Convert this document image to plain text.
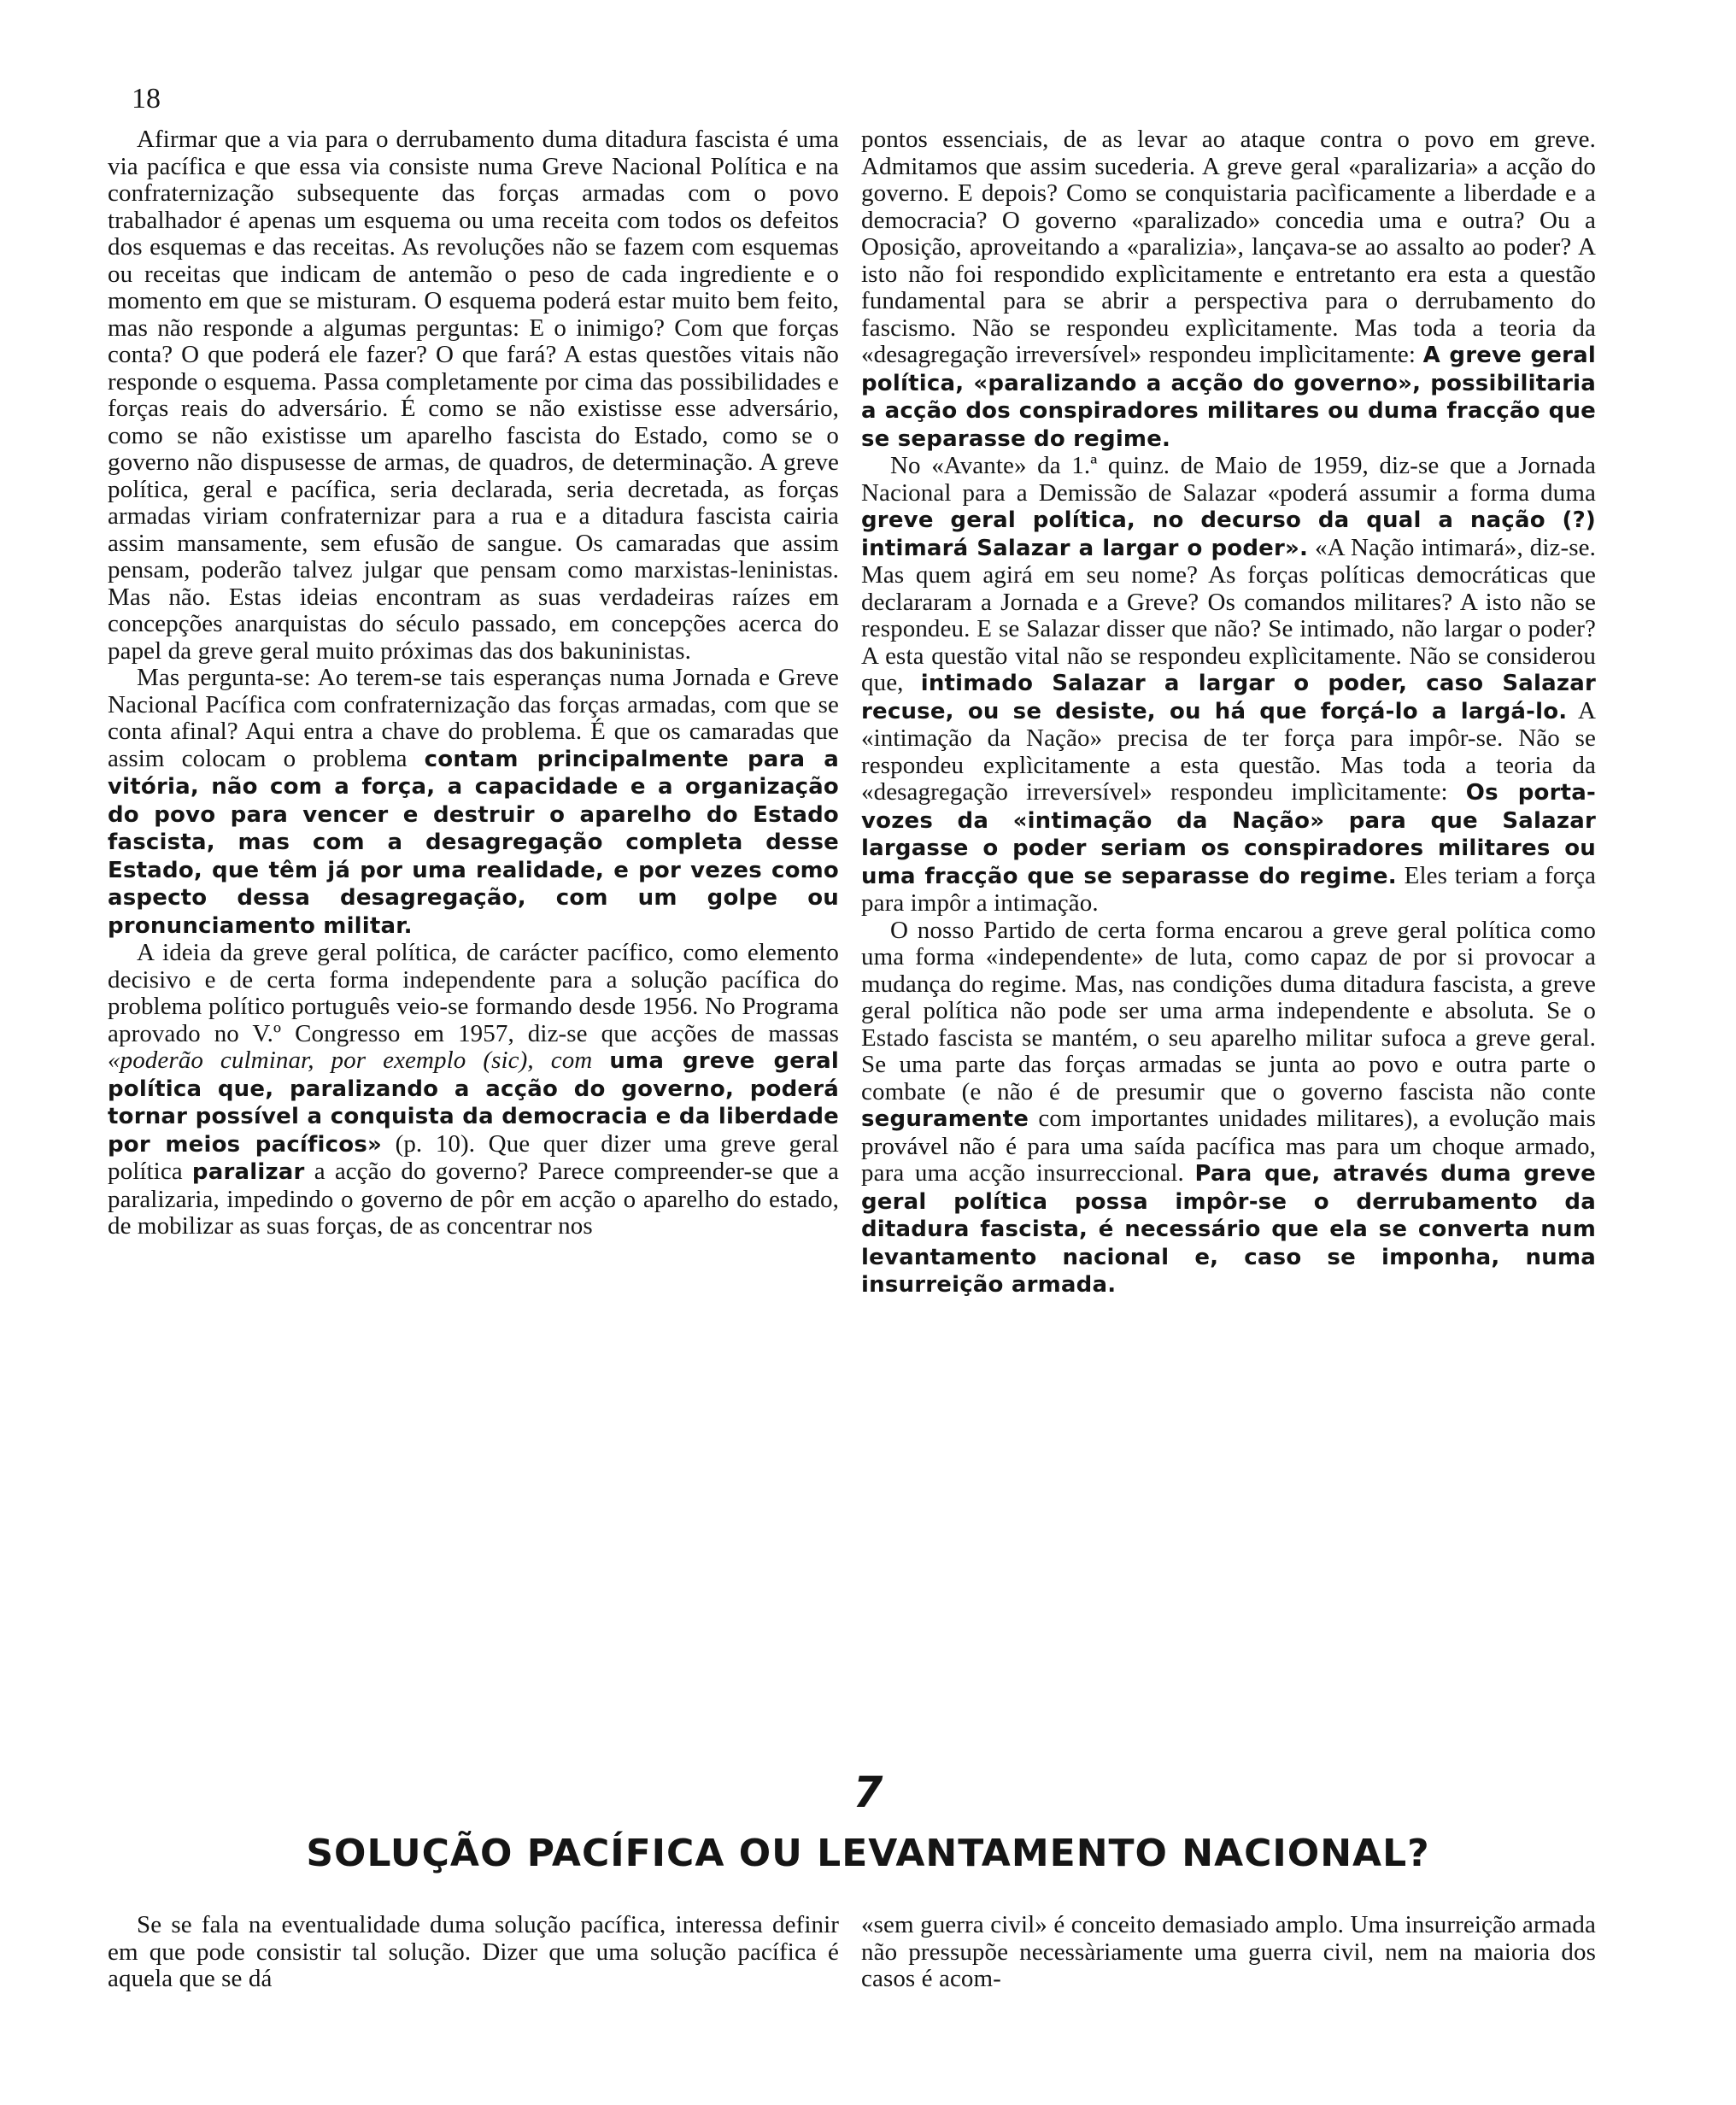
18

Afirmar que a via para o derrubamento duma ditadura fascista é uma via pacífica e que essa via consiste numa Greve Nacional Política e na confraternização subsequente das forças armadas com o povo trabalhador é apenas um esquema ou uma receita com todos os defeitos dos esquemas e das receitas. As revoluções não se fazem com esquemas ou receitas que indicam de antemão o peso de cada ingrediente e o momento em que se misturam. O esquema poderá estar muito bem feito, mas não responde a algumas perguntas: E o inimigo? Com que forças conta? O que poderá ele fazer? O que fará? A estas questões vitais não responde o esquema. Passa completamente por cima das possibilidades e forças reais do adversário. É como se não existisse esse adversário, como se não existisse um aparelho fascista do Estado, como se o governo não dispusesse de armas, de quadros, de determinação. A greve política, geral e pacífica, seria declarada, seria decretada, as forças armadas viriam confraternizar para a rua e a ditadura fascista cairia assim mansamente, sem efusão de sangue. Os camaradas que assim pensam, poderão talvez julgar que pensam como marxistas-leninistas. Mas não. Estas ideias encontram as suas verdadeiras raízes em concepções anarquistas do século passado, em concepções acerca do papel da greve geral muito próximas das dos bakuninistas.

Mas pergunta-se: Ao terem-se tais esperanças numa Jornada e Greve Nacional Pacífica com confraternização das forças armadas, com que se conta afinal? Aqui entra a chave do problema. É que os camaradas que assim colocam o problema contam principalmente para a vitória, não com a força, a capacidade e a organização do povo para vencer e destruir o aparelho do Estado fascista, mas com a desagregação completa desse Estado, que têm já por uma realidade, e por vezes como aspecto dessa desagregação, com um golpe ou pronunciamento militar.

A ideia da greve geral política, de carácter pacífico, como elemento decisivo e de certa forma independente para a solução pacífica do problema político português veio-se formando desde 1956. No Programa aprovado no V.º Congresso em 1957, diz-se que acções de massas «poderão culminar, por exemplo (sic), com uma greve geral política que, paralizando a acção do governo, poderá tornar possível a conquista da democracia e da liberdade por meios pacíficos» (p. 10). Que quer dizer uma greve geral política paralizar a acção do governo? Parece compreender-se que a paralizaria, impedindo o governo de pôr em acção o aparelho do estado, de mobilizar as suas forças, de as concentrar nos

pontos essenciais, de as levar ao ataque contra o povo em greve. Admitamos que assim sucederia. A greve geral «paralizaria» a acção do governo. E depois? Como se conquistaria pacìficamente a liberdade e a democracia? O governo «paralizado» concedia uma e outra? Ou a Oposição, aproveitando a «paralizia», lançava-se ao assalto ao poder? A isto não foi respondido explìcitamente e entretanto era esta a questão fundamental para se abrir a perspectiva para o derrubamento do fascismo. Não se respondeu explìcitamente. Mas toda a teoria da «desagregação irreversível» respondeu implìcitamente: A greve geral política, «paralizando a acção do governo», possibilitaria a acção dos conspiradores militares ou duma fracção que se separasse do regime.

No «Avante» da 1.ª quinz. de Maio de 1959, diz-se que a Jornada Nacional para a Demissão de Salazar «poderá assumir a forma duma greve geral política, no decurso da qual a nação (?) intimará Salazar a largar o poder». «A Nação intimará», diz-se. Mas quem agirá em seu nome? As forças políticas democráticas que declararam a Jornada e a Greve? Os comandos militares? A isto não se respondeu. E se Salazar disser que não? Se intimado, não largar o poder? A esta questão vital não se respondeu explìcitamente. Não se considerou que, intimado Salazar a largar o poder, caso Salazar recuse, ou se desiste, ou há que forçá-lo a largá-lo. A «intimação da Nação» precisa de ter força para impôr-se. Não se respondeu explìcitamente a esta questão. Mas toda a teoria da «desagregação irreversível» respondeu implìcitamente: Os porta-vozes da «intimação da Nação» para que Salazar largasse o poder seriam os conspiradores militares ou uma fracção que se separasse do regime. Eles teriam a força para impôr a intimação.

O nosso Partido de certa forma encarou a greve geral política como uma forma «independente» de luta, como capaz de por si provocar a mudança do regime. Mas, nas condições duma ditadura fascista, a greve geral política não pode ser uma arma independente e absoluta. Se o Estado fascista se mantém, o seu aparelho militar sufoca a greve geral. Se uma parte das forças armadas se junta ao povo e outra parte o combate (e não é de presumir que o governo fascista não conte seguramente com importantes unidades militares), a evolução mais provável não é para uma saída pacífica mas para um choque armado, para uma acção insurreccional. Para que, através duma greve geral política possa impôr-se o derrubamento da ditadura fascista, é necessário que ela se converta num levantamento nacional e, caso se imponha, numa insurreição armada.

7
SOLUÇÃO PACÍFICA OU LEVANTAMENTO NACIONAL?

Se se fala na eventualidade duma solução pacífica, interessa definir em que pode consistir tal solução. Dizer que uma solução pacífica é aquela que se dá

«sem guerra civil» é conceito demasiado amplo. Uma insurreição armada não pressupõe necessàriamente uma guerra civil, nem na maioria dos casos é acom-
